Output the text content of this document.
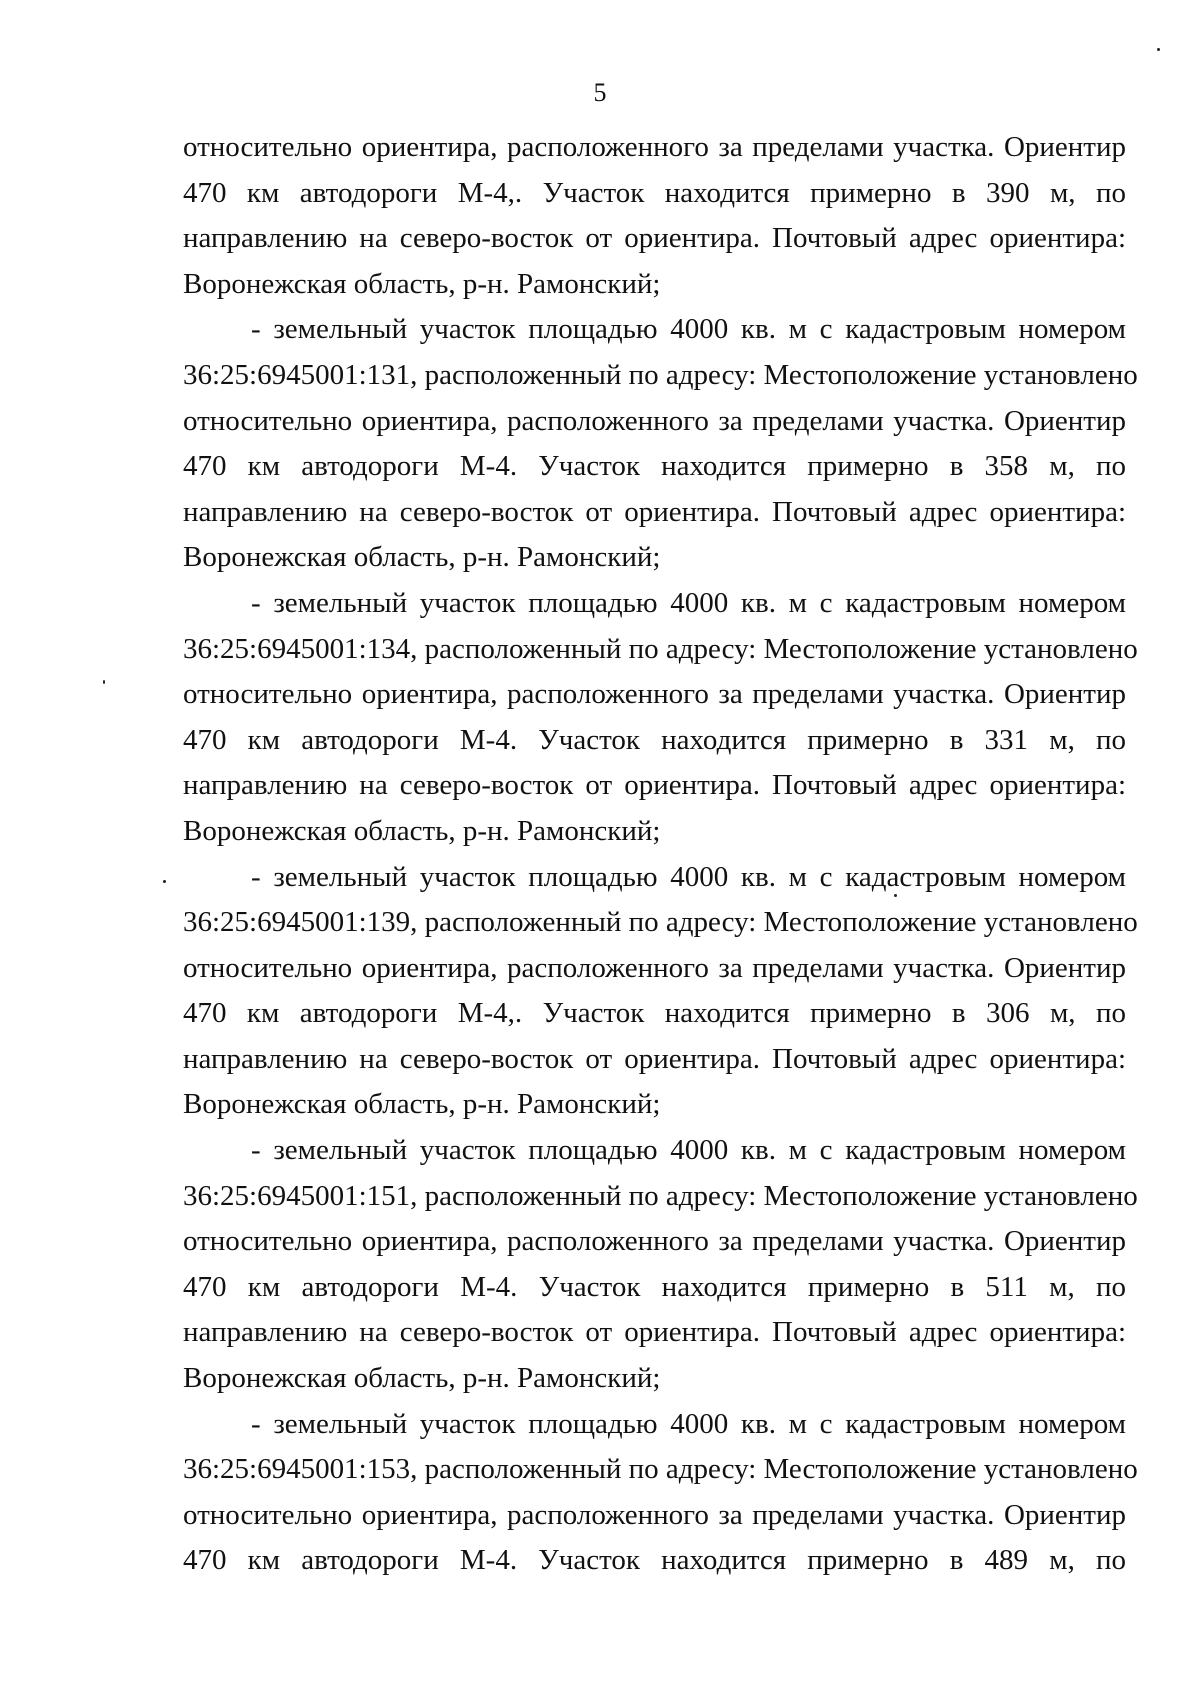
5
относительно ориентира, расположенного за пределами участка. Ориентир
470 км автодороги М-4,. Участок находится примерно в 390 м, по
направлению на северо-восток от ориентира. Почтовый адрес ориентира:
Воронежская область, р-н. Рамонский;
- земельный участок площадью 4000 кв. м с кадастровым номером
36:25:6945001:131, расположенный по адресу: Местоположение установлено
относительно ориентира, расположенного за пределами участка. Ориентир
470 км автодороги М-4. Участок находится примерно в 358 м, по
направлению на северо-восток от ориентира. Почтовый адрес ориентира:
Воронежская область, р-н. Рамонский;
- земельный участок площадью 4000 кв. м с кадастровым номером
36:25:6945001:134, расположенный по адресу: Местоположение установлено
относительно ориентира, расположенного за пределами участка. Ориентир
470 км автодороги М-4. Участок находится примерно в 331 м, по
направлению на северо-восток от ориентира. Почтовый адрес ориентира:
Воронежская область, р-н. Рамонский;
- земельный участок площадью 4000 кв. м с кадастровым номером
36:25:6945001:139, расположенный по адресу: Местоположение установлено
относительно ориентира, расположенного за пределами участка. Ориентир
470 км автодороги М-4,. Участок находится примерно в 306 м, по
направлению на северо-восток от ориентира. Почтовый адрес ориентира:
Воронежская область, р-н. Рамонский;
- земельный участок площадью 4000 кв. м с кадастровым номером
36:25:6945001:151, расположенный по адресу: Местоположение установлено
относительно ориентира, расположенного за пределами участка. Ориентир
470 км автодороги М-4. Участок находится примерно в 511 м, по
направлению на северо-восток от ориентира. Почтовый адрес ориентира:
Воронежская область, р-н. Рамонский;
- земельный участок площадью 4000 кв. м с кадастровым номером
36:25:6945001:153, расположенный по адресу: Местоположение установлено
относительно ориентира, расположенного за пределами участка. Ориентир
470 км автодороги М-4. Участок находится примерно в 489 м, по
